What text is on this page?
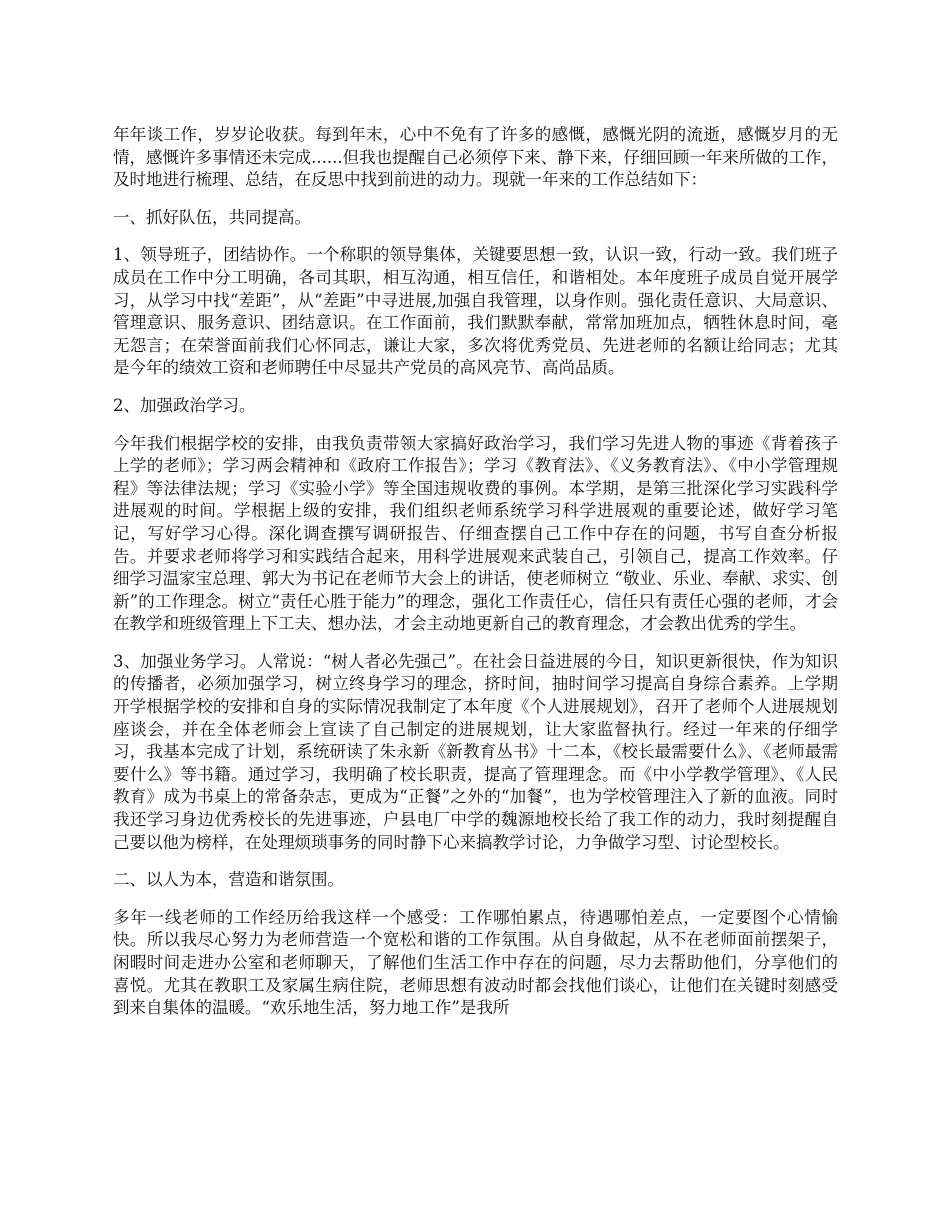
年年谈工作，岁岁论收获。每到年末，心中不免有了许多的感慨，感慨光阴的流逝，感慨岁月的无情，感慨许多事情还未完成......但我也提醒自己必须停下来、静下来，仔细回顾一年来所做的工作，及时地进行梳理、总结，在反思中找到前进的动力。现就一年来的工作总结如下：

一、抓好队伍，共同提高。

1、领导班子，团结协作。一个称职的领导集体，关键要思想一致，认识一致，行动一致。我们班子成员在工作中分工明确，各司其职，相互沟通，相互信任，和谐相处。本年度班子成员自觉开展学习，从学习中找“差距”，从“差距”中寻进展,加强自我管理，以身作则。强化责任意识、大局意识、管理意识、服务意识、团结意识。在工作面前，我们默默奉献，常常加班加点，牺牲休息时间，毫无怨言；在荣誉面前我们心怀同志，谦让大家，多次将优秀党员、先进老师的名额让给同志；尤其是今年的绩效工资和老师聘任中尽显共产党员的高风亮节、高尚品质。

2、加强政治学习。

今年我们根据学校的安排，由我负责带领大家搞好政治学习，我们学习先进人物的事迹《背着孩子上学的老师》；学习两会精神和《政府工作报告》；学习《教育法》、《义务教育法》、《中小学管理规程》等法律法规；学习《实验小学》等全国违规收费的事例。本学期，是第三批深化学习实践科学进展观的时间。学根据上级的安排，我们组织老师系统学习科学进展观的重要论述，做好学习笔记，写好学习心得。深化调查撰写调研报告、仔细查摆自己工作中存在的问题，书写自查分析报告。并要求老师将学习和实践结合起来，用科学进展观来武装自己，引领自己，提高工作效率。仔细学习温家宝总理、郭大为书记在老师节大会上的讲话，使老师树立 “敬业、乐业、奉献、求实、创新”的工作理念。树立“责任心胜于能力”的理念，强化工作责任心，信任只有责任心强的老师，才会在教学和班级管理上下工夫、想办法，才会主动地更新自己的教育理念，才会教出优秀的学生。

3、加强业务学习。人常说：“树人者必先强己”。在社会日益进展的今日，知识更新很快，作为知识的传播者，必须加强学习，树立终身学习的理念，挤时间，抽时间学习提高自身综合素养。上学期开学根据学校的安排和自身的实际情况我制定了本年度《个人进展规划》，召开了老师个人进展规划座谈会，并在全体老师会上宣读了自己制定的进展规划，让大家监督执行。经过一年来的仔细学习，我基本完成了计划，系统研读了朱永新《新教育丛书》十二本，《校长最需要什么》、《老师最需要什么》等书籍。通过学习，我明确了校长职责，提高了管理理念。而《中小学教学管理》、《人民教育》成为书桌上的常备杂志，更成为“正餐”之外的“加餐”，也为学校管理注入了新的血液。同时我还学习身边优秀校长的先进事迹，户县电厂中学的魏源地校长给了我工作的动力，我时刻提醒自己要以他为榜样，在处理烦琐事务的同时静下心来搞教学讨论，力争做学习型、讨论型校长。

二、以人为本，营造和谐氛围。

多年一线老师的工作经历给我这样一个感受：工作哪怕累点，待遇哪怕差点，一定要图个心情愉快。所以我尽心努力为老师营造一个宽松和谐的工作氛围。从自身做起，从不在老师面前摆架子，闲暇时间走进办公室和老师聊天，了解他们生活工作中存在的问题，尽力去帮助他们，分享他们的喜悦。尤其在教职工及家属生病住院，老师思想有波动时都会找他们谈心，让他们在关键时刻感受到来自集体的温暖。“欢乐地生活，努力地工作”是我所
